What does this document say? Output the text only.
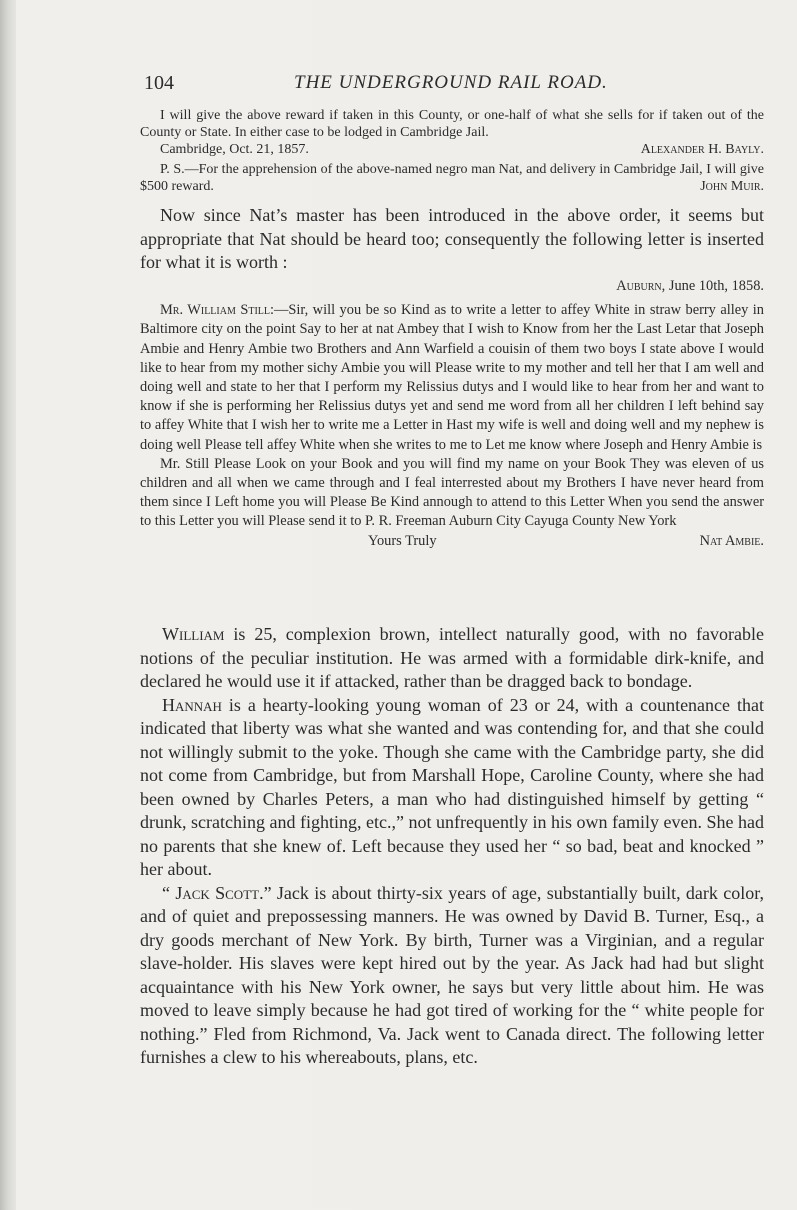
104	THE UNDERGROUND RAIL ROAD.

I will give the above reward if taken in this County, or one-half of what she sells for if taken out of the County or State. In either case to be lodged in Cambridge Jail.

Cambridge, Oct. 21, 1857.	Alexander H. Bayly.

P. S.—For the apprehension of the above-named negro man Nat, and delivery in Cambridge Jail, I will give $500 reward.	John Muir.

Now since Nat’s master has been introduced in the above order, it seems but appropriate that Nat should be heard too; consequently the following letter is inserted for what it is worth :

Auburn, June 10th, 1858.

Mr. William Still:—Sir, will you be so Kind as to write a letter to affey White in straw berry alley in Baltimore city on the point Say to her at nat Ambey that I wish to Know from her the Last Letar that Joseph Ambie and Henry Ambie two Brothers and Ann Warfield a couisin of them two boys I state above I would like to hear from my mother sichy Ambie you will Please write to my mother and tell her that I am well and doing well and state to her that I perform my Relissius dutys and I would like to hear from her and want to know if she is performing her Relissius dutys yet and send me word from all her children I left behind say to affey White that I wish her to write me a Letter in Hast my wife is well and doing well and my nephew is doing well Please tell affey White when she writes to me to Let me know where Joseph and Henry Ambie is

Mr. Still Please Look on your Book and you will find my name on your Book They was eleven of us children and all when we came through and I feal interrested about my Brothers I have never heard from them since I Left home you will Please Be Kind annough to attend to this Letter When you send the answer to this Letter you will Please send it to P. R. Freeman Auburn City Cayuga County New York

Yours Truly	Nat Ambie.

William is 25, complexion brown, intellect naturally good, with no favorable notions of the peculiar institution. He was armed with a formidable dirk-knife, and declared he would use it if attacked, rather than be dragged back to bondage.

Hannah is a hearty-looking young woman of 23 or 24, with a countenance that indicated that liberty was what she wanted and was contending for, and that she could not willingly submit to the yoke. Though she came with the Cambridge party, she did not come from Cambridge, but from Marshall Hope, Caroline County, where she had been owned by Charles Peters, a man who had distinguished himself by getting “ drunk, scratching and fighting, etc.,” not unfrequently in his own family even. She had no parents that she knew of. Left because they used her “ so bad, beat and knocked ” her about.

“ Jack Scott.” Jack is about thirty-six years of age, substantially built, dark color, and of quiet and prepossessing manners. He was owned by David B. Turner, Esq., a dry goods merchant of New York. By birth, Turner was a Virginian, and a regular slave-holder. His slaves were kept hired out by the year. As Jack had had but slight acquaintance with his New York owner, he says but very little about him. He was moved to leave simply because he had got tired of working for the “ white people for nothing.” Fled from Richmond, Va. Jack went to Canada direct. The following letter furnishes a clew to his whereabouts, plans, etc.
